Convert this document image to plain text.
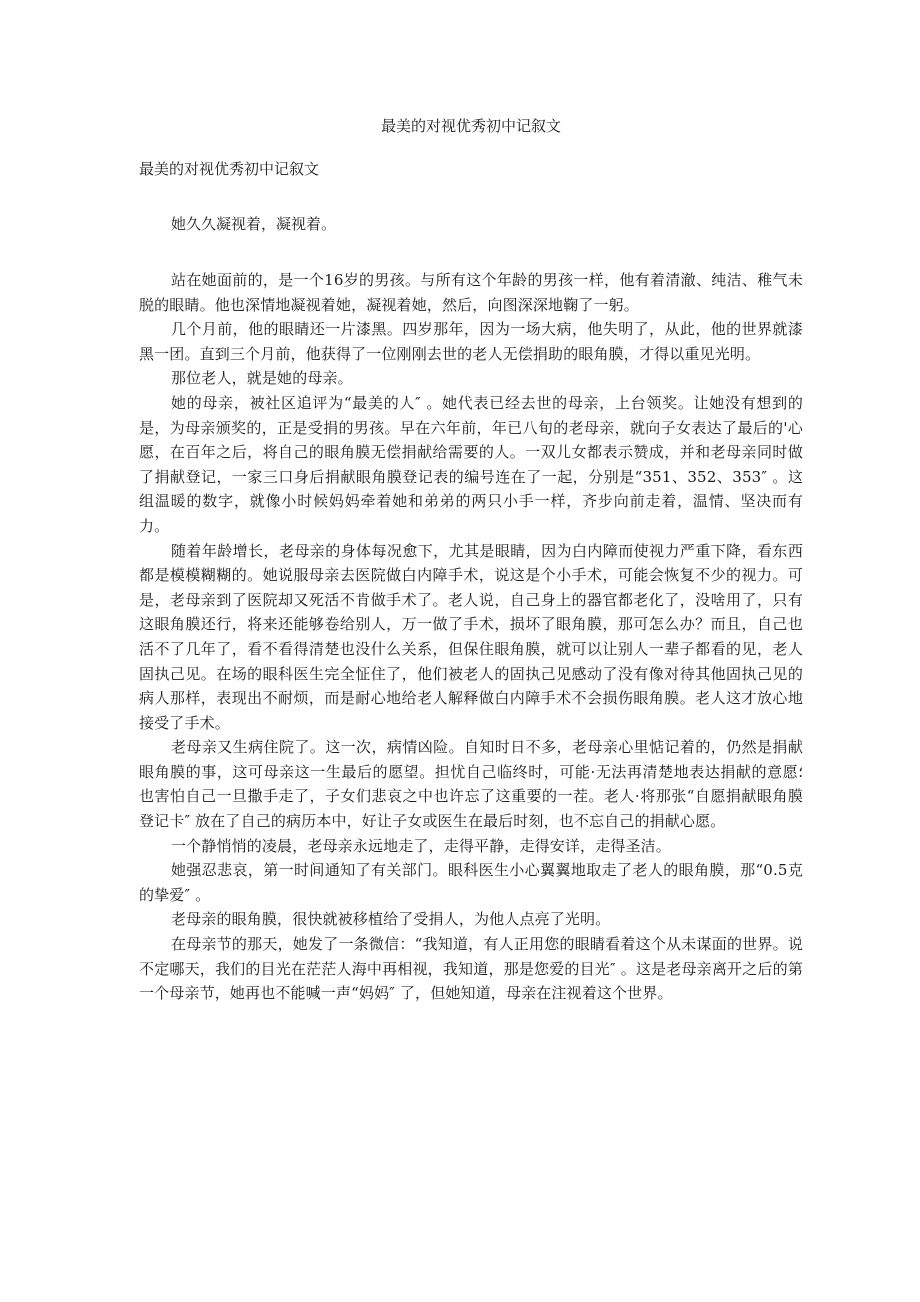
最美的对视优秀初中记叙文
最美的对视优秀初中记叙文

她久久凝视着，凝视着。

站在她面前的，是一个16岁的男孩。与所有这个年龄的男孩一样，他有着清澈、纯洁、稚气未脱的眼睛。他也深情地凝视着她，凝视着她，然后，向图深深地鞠了一躬。

几个月前，他的眼睛还一片漆黑。四岁那年，因为一场大病，他失明了，从此，他的世界就漆黑一团。直到三个月前，他获得了一位刚刚去世的老人无偿捐助的眼角膜，才得以重见光明。

那位老人，就是她的母亲。

她的母亲，被社区追评为“最美的人″ 。她代表已经去世的母亲，上台领奖。让她没有想到的是，为母亲颁奖的，正是受捐的男孩。早在六年前，年已八旬的老母亲，就向子女表达了最后的'心愿，在百年之后，将自己的眼角膜无偿捐献给需要的人。一双儿女都表示赞成，并和老母亲同时做了捐献登记，一家三口身后捐献眼角膜登记表的编号连在了一起，分别是“351、352、353″ 。这组温暖的数字，就像小时候妈妈牵着她和弟弟的两只小手一样，齐步向前走着，温情、坚决而有力。

随着年龄增长，老母亲的身体每况愈下，尤其是眼睛，因为白内障而使视力严重下降，看东西都是模模糊糊的。她说服母亲去医院做白内障手术，说这是个小手术，可能会恢复不少的视力。可是，老母亲到了医院却又死活不肯做手术了。老人说，自己身上的器官都老化了，没啥用了，只有这眼角膜还行，将来还能够卷给别人，万一做了手术，损坏了眼角膜，那可怎么办？而且，自己也活不了几年了，看不看得清楚也没什么关系，但保住眼角膜，就可以让别人一辈子都看的见，老人固执己见。在场的眼科医生完全怔住了，他们被老人的固执己见感动了没有像对待其他固执己见的病人那样，表现出不耐烦，而是耐心地给老人解释做白内障手术不会损伤眼角膜。老人这才放心地接受了手术。

老母亲又生病住院了。这一次，病情凶险。自知时日不多，老母亲心里惦记着的，仍然是捐献眼角膜的事，这可母亲这一生最后的愿望。担忧自己临终时，可能·无法再清楚地表达捐献的意愿؛ 也害怕自己一旦撒手走了，子女们悲哀之中也许忘了这重要的一茬。老人·将那张“自愿捐献眼角膜登记卡″ 放在了自己的病历本中，好让子女或医生在最后时刻，也不忘自己的捐献心愿。

一个静悄悄的凌晨，老母亲永远地走了，走得平静，走得安详，走得圣洁。

她强忍悲哀，第一时间通知了有关部门。眼科医生小心翼翼地取走了老人的眼角膜，那“0.5克的挚爱″ 。

老母亲的眼角膜，很快就被移植给了受捐人，为他人点亮了光明。

在母亲节的那天，她发了一条微信：“我知道，有人正用您的眼睛看着这个从未谋面的世界。说不定哪天，我们的目光在茫茫人海中再相视，我知道，那是您爱的目光″ 。这是老母亲离开之后的第一个母亲节，她再也不能喊一声“妈妈″ 了，但她知道，母亲在注视着这个世界。
